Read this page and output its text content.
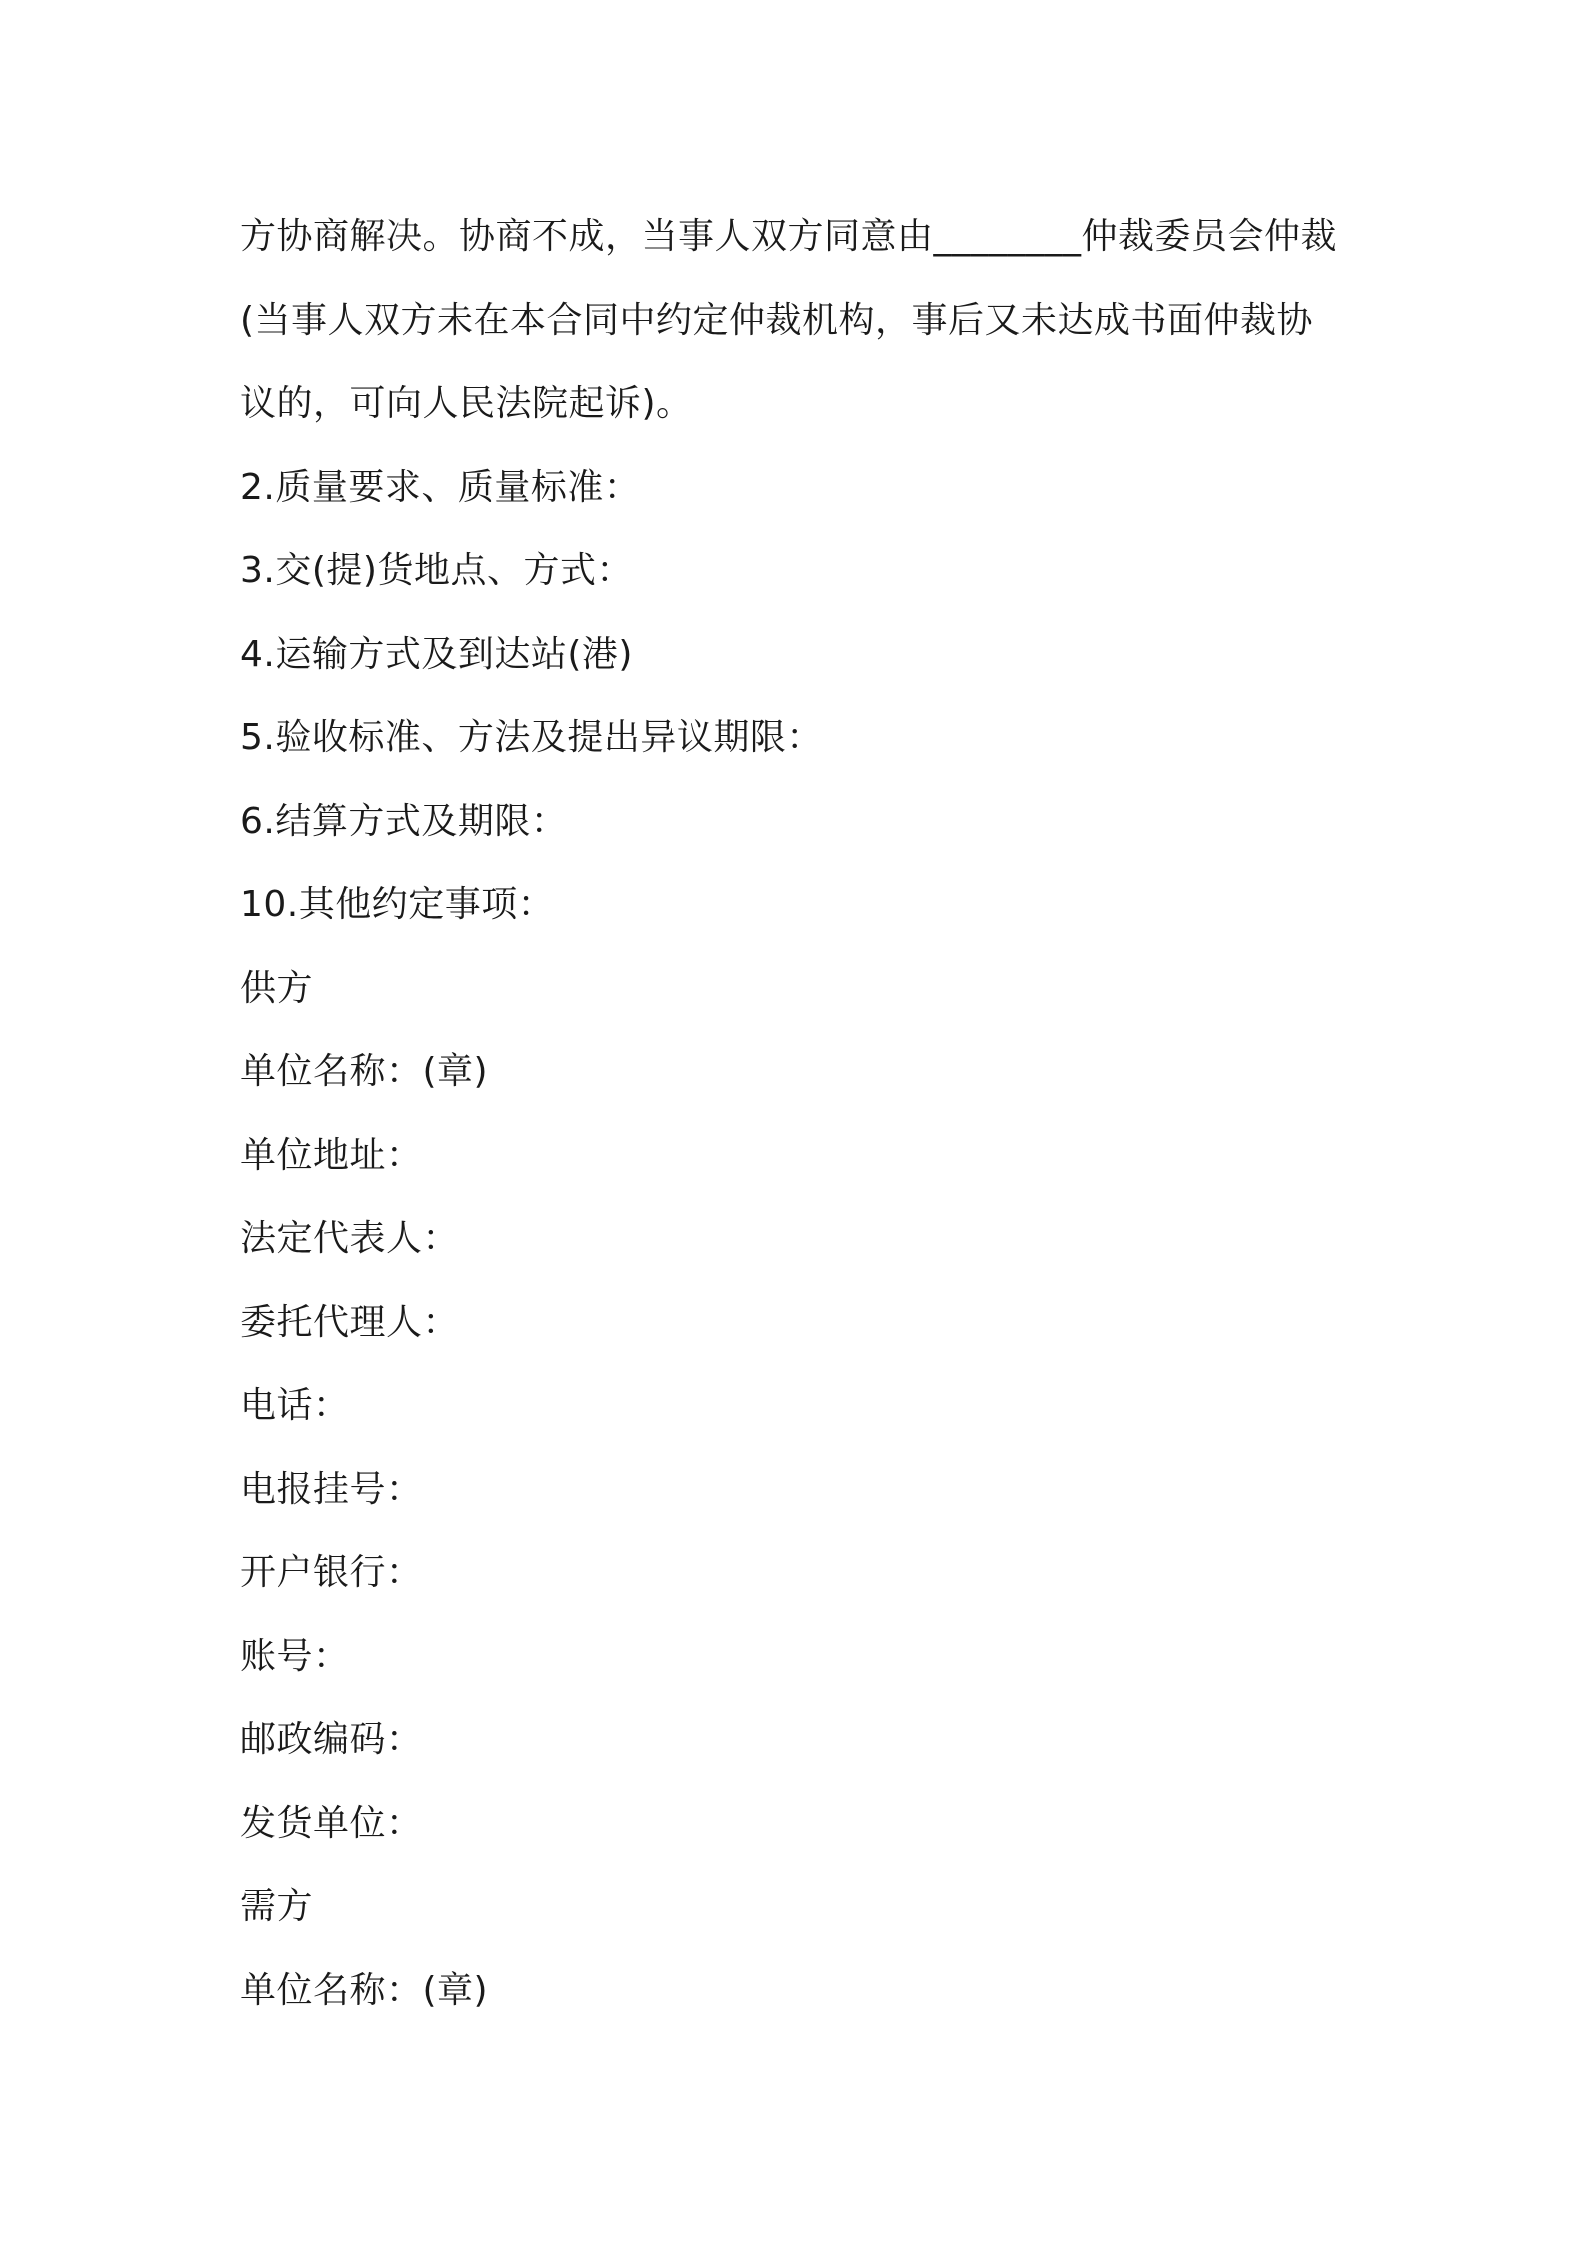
方协商解决。协商不成，当事人双方同意由________仲裁委员会仲裁
(当事人双方未在本合同中约定仲裁机构，事后又未达成书面仲裁协
议的，可向人民法院起诉)。
2.质量要求、质量标准：
3.交(提)货地点、方式：
4.运输方式及到达站(港)
5.验收标准、方法及提出异议期限：
6.结算方式及期限：
10.其他约定事项：
供方
单位名称：(章)
单位地址：
法定代表人：
委托代理人：
电话：
电报挂号：
开户银行：
账号：
邮政编码：
发货单位：
需方
单位名称：(章)
